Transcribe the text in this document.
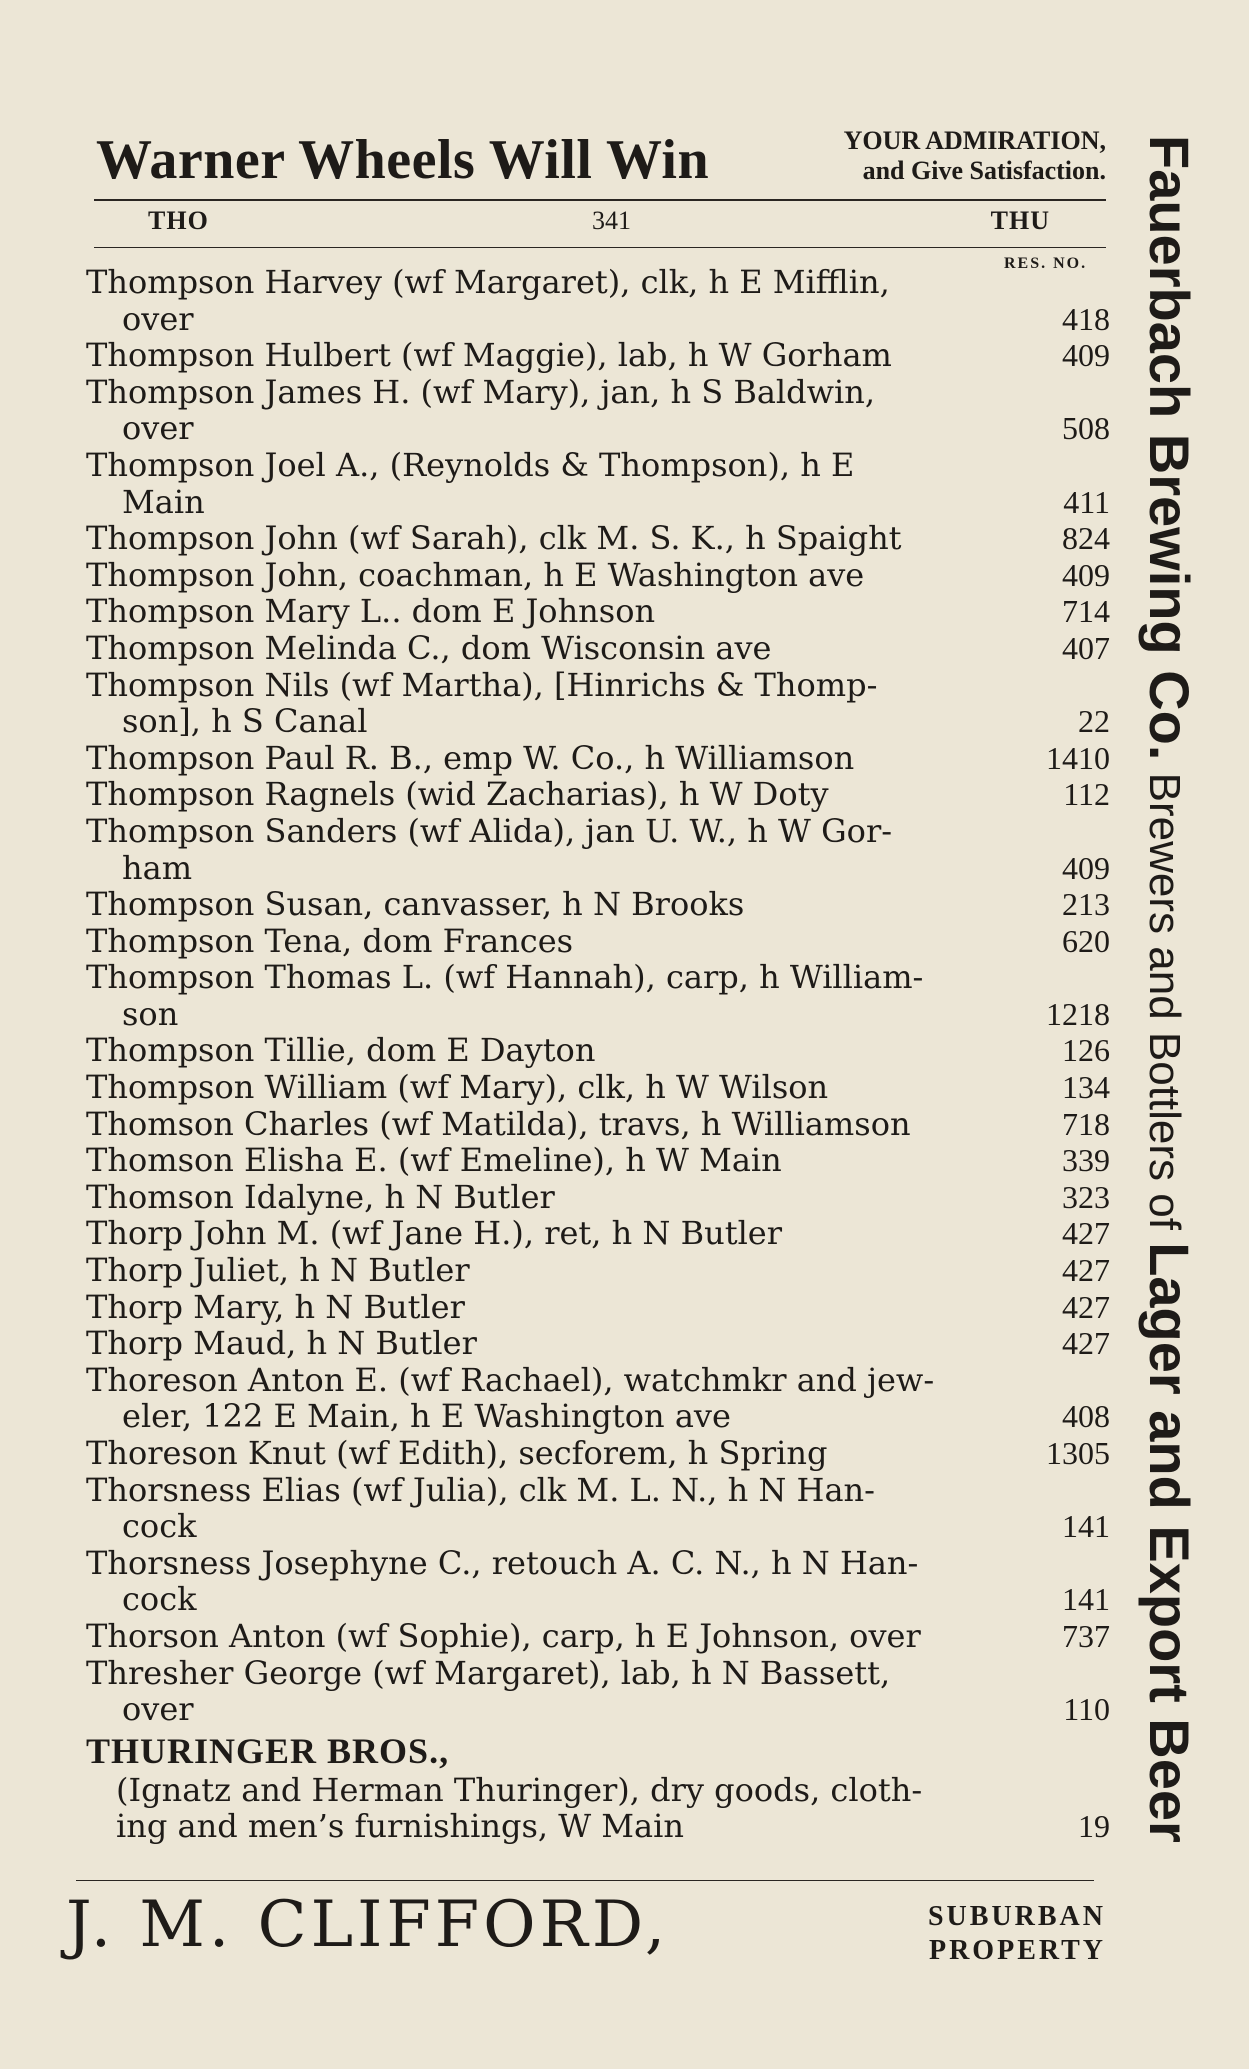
Warner Wheels Will Win	YOUR ADMIRATION,
and Give Satisfaction.
THO	341	THU
RES. NO.
Thompson Harvey (wf Margaret), clk, h E Mifflin,
over	418
Thompson Hulbert (wf Maggie), lab, h W Gorham	409
Thompson James H. (wf Mary), jan, h S Baldwin,
over	508
Thompson Joel A., (Reynolds & Thompson), h E
Main	411
Thompson John (wf Sarah), clk M. S. K., h Spaight	824
Thompson John, coachman, h E Washington ave	409
Thompson Mary L.. dom E Johnson	714
Thompson Melinda C., dom Wisconsin ave	407
Thompson Nils (wf Martha), [Hinrichs & Thomp-
son], h S Canal	22
Thompson Paul R. B., emp W. Co., h Williamson	1410
Thompson Ragnels (wid Zacharias), h W Doty	112
Thompson Sanders (wf Alida), jan U. W., h W Gor-
ham	409
Thompson Susan, canvasser, h N Brooks	213
Thompson Tena, dom Frances	620
Thompson Thomas L. (wf Hannah), carp, h William-
son	1218
Thompson Tillie, dom E Dayton	126
Thompson William (wf Mary), clk, h W Wilson	134
Thomson Charles (wf Matilda), travs, h Williamson	718
Thomson Elisha E. (wf Emeline), h W Main	339
Thomson Idalyne, h N Butler	323
Thorp John M. (wf Jane H.), ret, h N Butler	427
Thorp Juliet, h N Butler	427
Thorp Mary, h N Butler	427
Thorp Maud, h N Butler	427
Thoreson Anton E. (wf Rachael), watchmkr and jew-
eler, 122 E Main, h E Washington ave	408
Thoreson Knut (wf Edith), secforem, h Spring	1305
Thorsness Elias (wf Julia), clk M. L. N., h N Han-
cock	141
Thorsness Josephyne C., retouch A. C. N., h N Han-
cock	141
Thorson Anton (wf Sophie), carp, h E Johnson, over	737
Thresher George (wf Margaret), lab, h N Bassett,
over	110
THURINGER BROS.,
(Ignatz and Herman Thuringer), dry goods, cloth-
ing and men’s furnishings, W Main	19
J. M. CLIFFORD,	SUBURBAN
PROPERTY
Fauerbach Brewing Co. Brewers and Bottlers of Lager and Export Beer
